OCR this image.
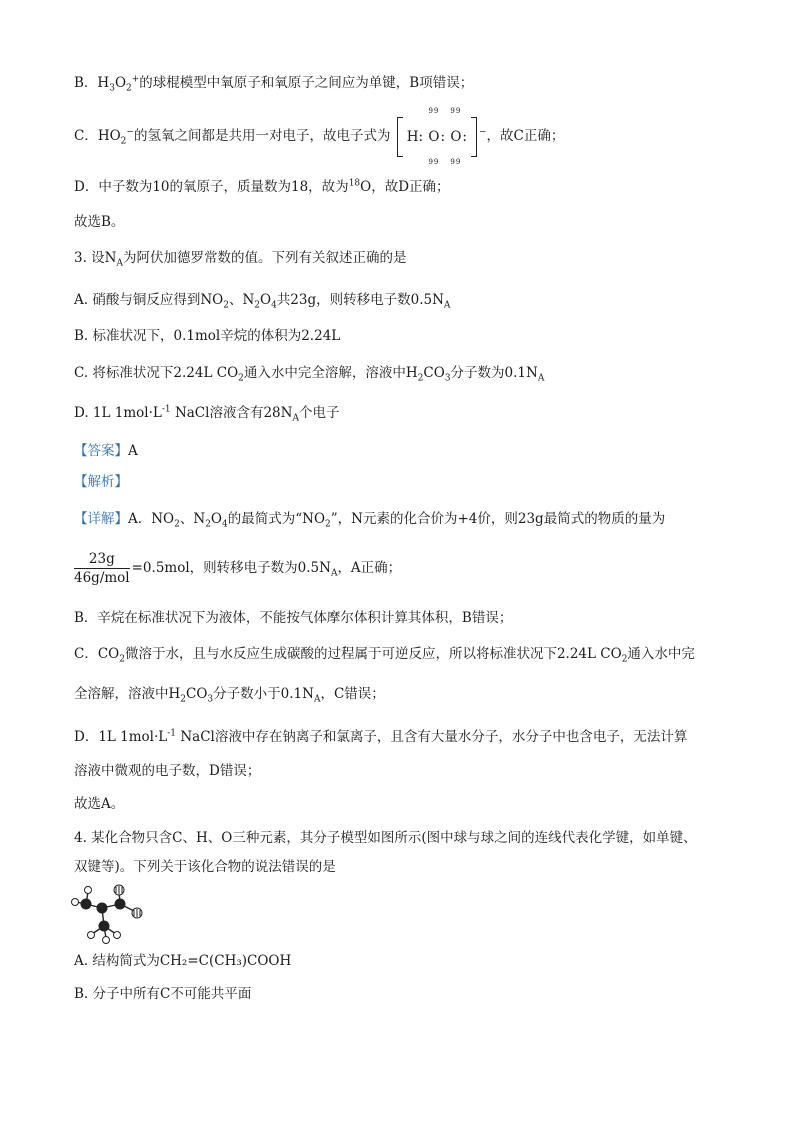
B．$H_3O_2^+$的球棍模型中氧原子和氧原子之间应为单键，B项错误；
C．$HO_2^-$的氢氧之间都是共用一对电子，故电子式为 H:
99
O
99
:
99
O
99
: −，故C正确；
D．中子数为10的氧原子，质量数为18，故为$^{18}$O，故D正确；
故选B。
3. 设$N_A$为阿伏加德罗常数的值。下列有关叙述正确的是
A. 硝酸与铜反应得到$NO_2$、$N_2O_4$共23g，则转移电子数$0.5N_A$
B. 标准状况下，0.1mol辛烷的体积为2.24L
C. 将标准状况下2.24L $CO_2$通入水中完全溶解，溶液中$H_2CO_3$分子数为$0.1N_A$
D. 1L $1mol\cdot L^{-1}$ NaCl溶液含有$28N_A$个电子
【答案】A
【解析】
【详解】A．$NO_2$、$N_2O_4$的最简式为“$NO_2$”，N元素的化合价为+4价，则23g最简式的物质的量为
$\frac{23g}{\text{46g/mol}} =0.5mol$，则转移电子数为$0.5N_A$，A正确；
B．辛烷在标准状况下为液体，不能按气体摩尔体积计算其体积，B错误；
C．$CO_2$微溶于水，且与水反应生成碳酸的过程属于可逆反应，所以将标准状况下2.24L $CO_2$通入水中完
全溶解，溶液中$H_2CO_3$分子数小于$0.1N_A$，C错误；
D．1L $1mol\cdot L^{-1}$ NaCl溶液中存在钠离子和氯离子，且含有大量水分子，水分子中也含电子，无法计算
溶液中微观的电子数，D错误；
故选A。
4. 某化合物只含C、H、O三种元素，其分子模型如图所示(图中球与球之间的连线代表化学键，如单键、
双键等)。下列关于该化合物的说法错误的是
A. 结构简式为CH₂=C(CH₃)COOH
B. 分子中所有C不可能共平面
